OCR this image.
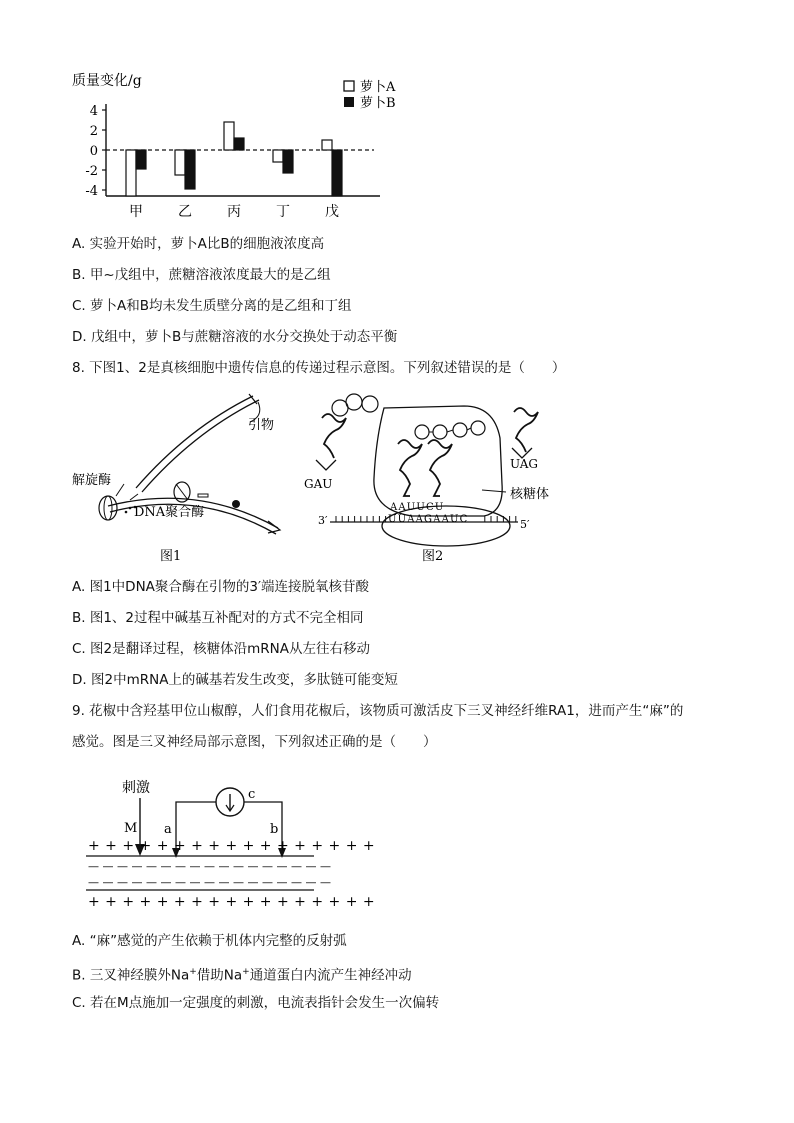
质量变化/g	萝卜A
萝卜B
4
2
0
-2
-4
甲	乙	丙	丁	戊
A. 实验开始时，萝卜A比B的细胞液浓度高
B. 甲~戊组中，蔗糖溶液浓度最大的是乙组
C. 萝卜A和B均未发生质壁分离的是乙组和丁组
D. 戊组中，萝卜B与蔗糖溶液的水分交换处于动态平衡
8. 下图1、2是真核细胞中遗传信息的传递过程示意图。下列叙述错误的是（　　）
引物
解旋酶
DNA聚合酶
图1
3′	5′
A A U U C U
U U A A G A A U C
GAU
UAG
核糖体
图2
A. 图1中DNA聚合酶在引物的3′端连接脱氧核苷酸
B. 图1、2过程中碱基互补配对的方式不完全相同
C. 图2是翻译过程，核糖体沿mRNA从左往右移动
D. 图2中mRNA上的碱基若发生改变，多肽链可能变短
9. 花椒中含羟基甲位山椒醇，人们食用花椒后，该物质可激活皮下三叉神经纤维RA1，进而产生“麻”的
感觉。图是三叉神经局部示意图，下列叙述正确的是（　　）
刺激
M a	b
c
+ + + + + + + + + + + + + + + + +
— — — — — — — — — — — — — — — — —
— — — — — — — — — — — — — — — — —
+ + + + + + + + + + + + + + + + +
A. “麻”感觉的产生依赖于机体内完整的反射弧
B. 三叉神经膜外Na+借助Na+通道蛋白内流产生神经冲动
C. 若在M点施加一定强度的刺激，电流表指针会发生一次偏转
